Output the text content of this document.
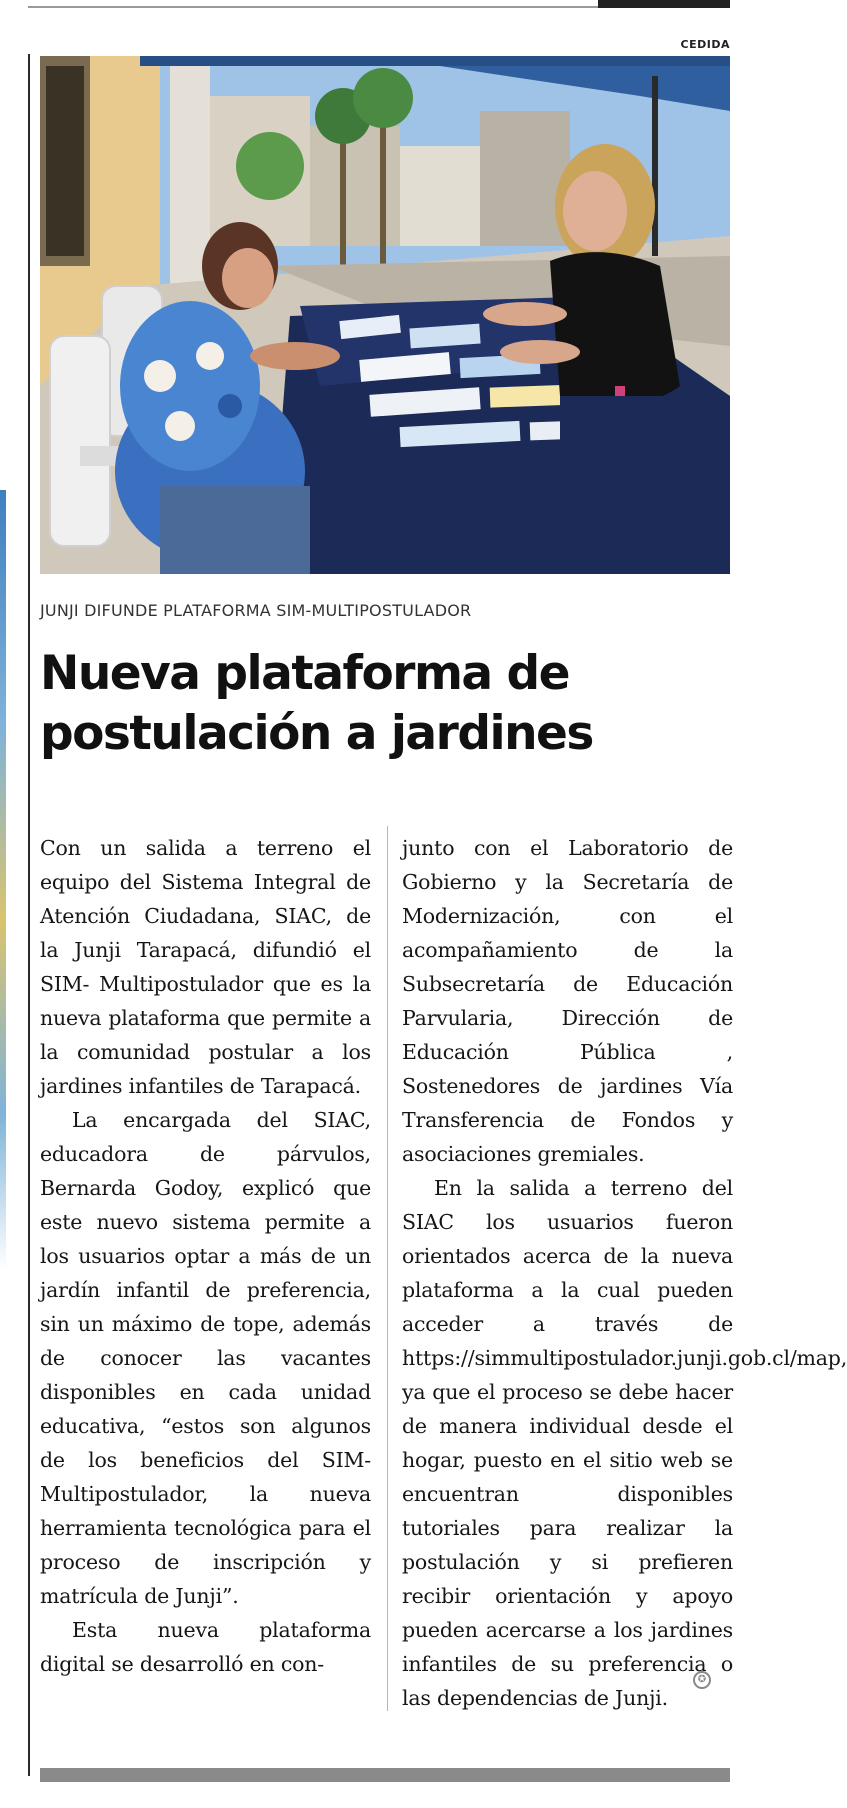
CEDIDA
JUNJI DIFUNDE PLATAFORMA SIM-MULTIPOSTULADOR
Nueva plataforma de
postulación a jardines

Con un salida a terreno el equipo del Sistema Integral de Atención Ciudadana, SIAC, de la Junji Tarapacá, difundió el SIM- Multipostulador que es la nueva plataforma que permite a la comunidad postular a los jardines infantiles de Tarapacá.

La encargada del SIAC, educadora de párvulos, Bernarda Godoy, explicó que este nuevo sistema permite a los usuarios optar a más de un jardín infantil de preferencia, sin un máximo de tope, además de conocer las vacantes disponibles en cada unidad educativa, “estos son algunos de los beneficios del SIM-Multipostulador, la nueva herramienta tecnológica para el proceso de inscripción y matrícula de Junji”.

Esta nueva plataforma digital se desarrolló en con-

junto con el Laboratorio de Gobierno y la Secretaría de Modernización, con el acompañamiento de la Subsecretaría de Educación Parvularia, Dirección de Educación Pública , Sostenedores de jardines Vía Transferencia de Fondos y asociaciones gremiales.

En la salida a terreno del SIAC los usuarios fueron orientados acerca de la nueva plataforma a la cual pueden acceder a través de https://simmultipostulador.junji.gob.cl/map, ya que el proceso se debe hacer de manera individual desde el hogar, puesto en el sitio web se encuentran disponibles tutoriales para realizar la postulación y si prefieren recibir orientación y apoyo pueden acercarse a los jardines infantiles de su preferencia o las dependencias de Junji.

✪
